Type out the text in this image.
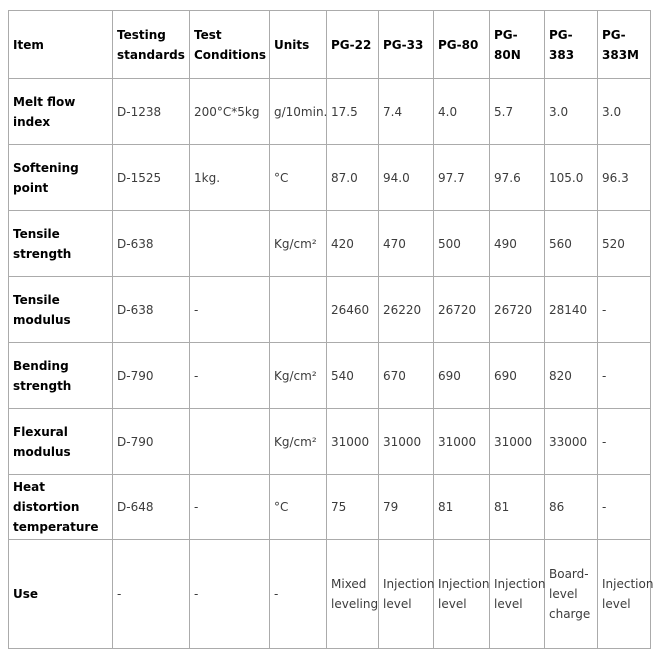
Item	Testing standards	Test Conditions	Units	PG-22	PG-33	PG-80	PG-80N	PG-383	PG-383M
Melt flow index	D-1238	200°C*5kg	g/10min.	17.5	7.4	4.0	5.7	3.0	3.0
Softening point	D-1525	1kg.	°C	87.0	94.0	97.7	97.6	105.0	96.3
Tensile strength	D-638		Kg/cm²	420	470	500	490	560	520
Tensile modulus	D-638	-		26460	26220	26720	26720	28140	-
Bending strength	D-790	-	Kg/cm²	540	670	690	690	820	-
Flexural modulus	D-790		Kg/cm²	31000	31000	31000	31000	33000	-
Heat distortion temperature	D-648	-	°C	75	79	81	81	86	-
Use	-	-	-	Mixed leveling	Injection level	Injection level	Injection level	Board-level charge	Injection level
